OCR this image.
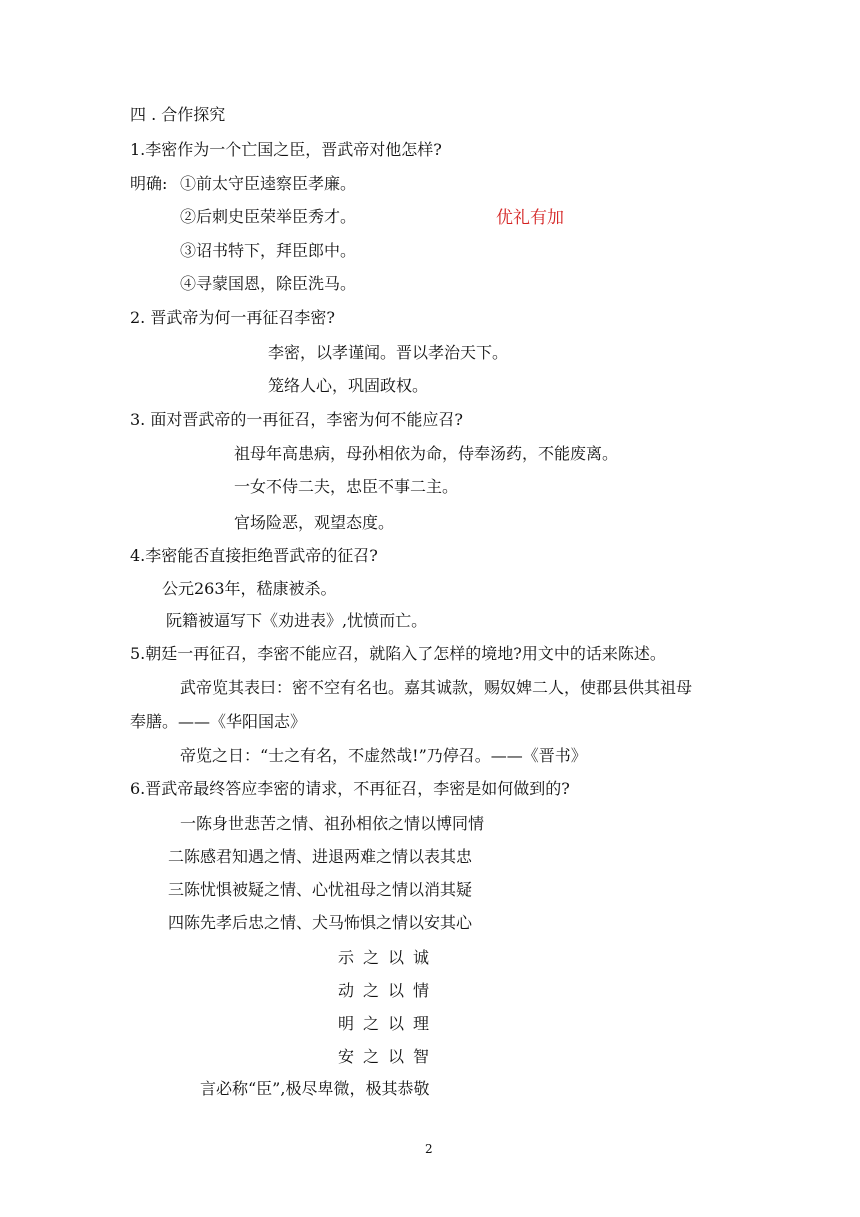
四 . 合作探究
1.李密作为一个亡国之臣，晋武帝对他怎样?
明确: ①前太守臣逵察臣孝廉。
②后刺史臣荣举臣秀才。	优礼有加
③诏书特下，拜臣郎中。
④寻蒙国恩，除臣洗马。
2. 晋武帝为何一再征召李密?
李密，以孝谨闻。晋以孝治天下。
笼络人心，巩固政权。
3. 面对晋武帝的一再征召，李密为何不能应召?
祖母年高患病，母孙相依为命，侍奉汤药，不能废离。
一女不侍二夫，忠臣不事二主。
官场险恶，观望态度。
4.李密能否直接拒绝晋武帝的征召?
公元263年，嵇康被杀。
阮籍被逼写下《劝进表》,忧愤而亡。
5.朝廷一再征召，李密不能应召，就陷入了怎样的境地?用文中的话来陈述。
武帝览其表曰：密不空有名也。嘉其诚款，赐奴婢二人，使郡县供其祖母
奉膳。——《华阳国志》
帝览之日：“士之有名，不虚然哉!”乃停召。——《晋书》
6.晋武帝最终答应李密的请求，不再征召，李密是如何做到的?
一陈身世悲苦之情、祖孙相依之情以博同情
二陈感君知遇之情、进退两难之情以表其忠
三陈忧惧被疑之情、心忧祖母之情以消其疑
四陈先孝后忠之情、犬马怖惧之情以安其心
示之以诚
动之以情
明之以理
安之以智
言必称“臣”,极尽卑微，极其恭敬
2
